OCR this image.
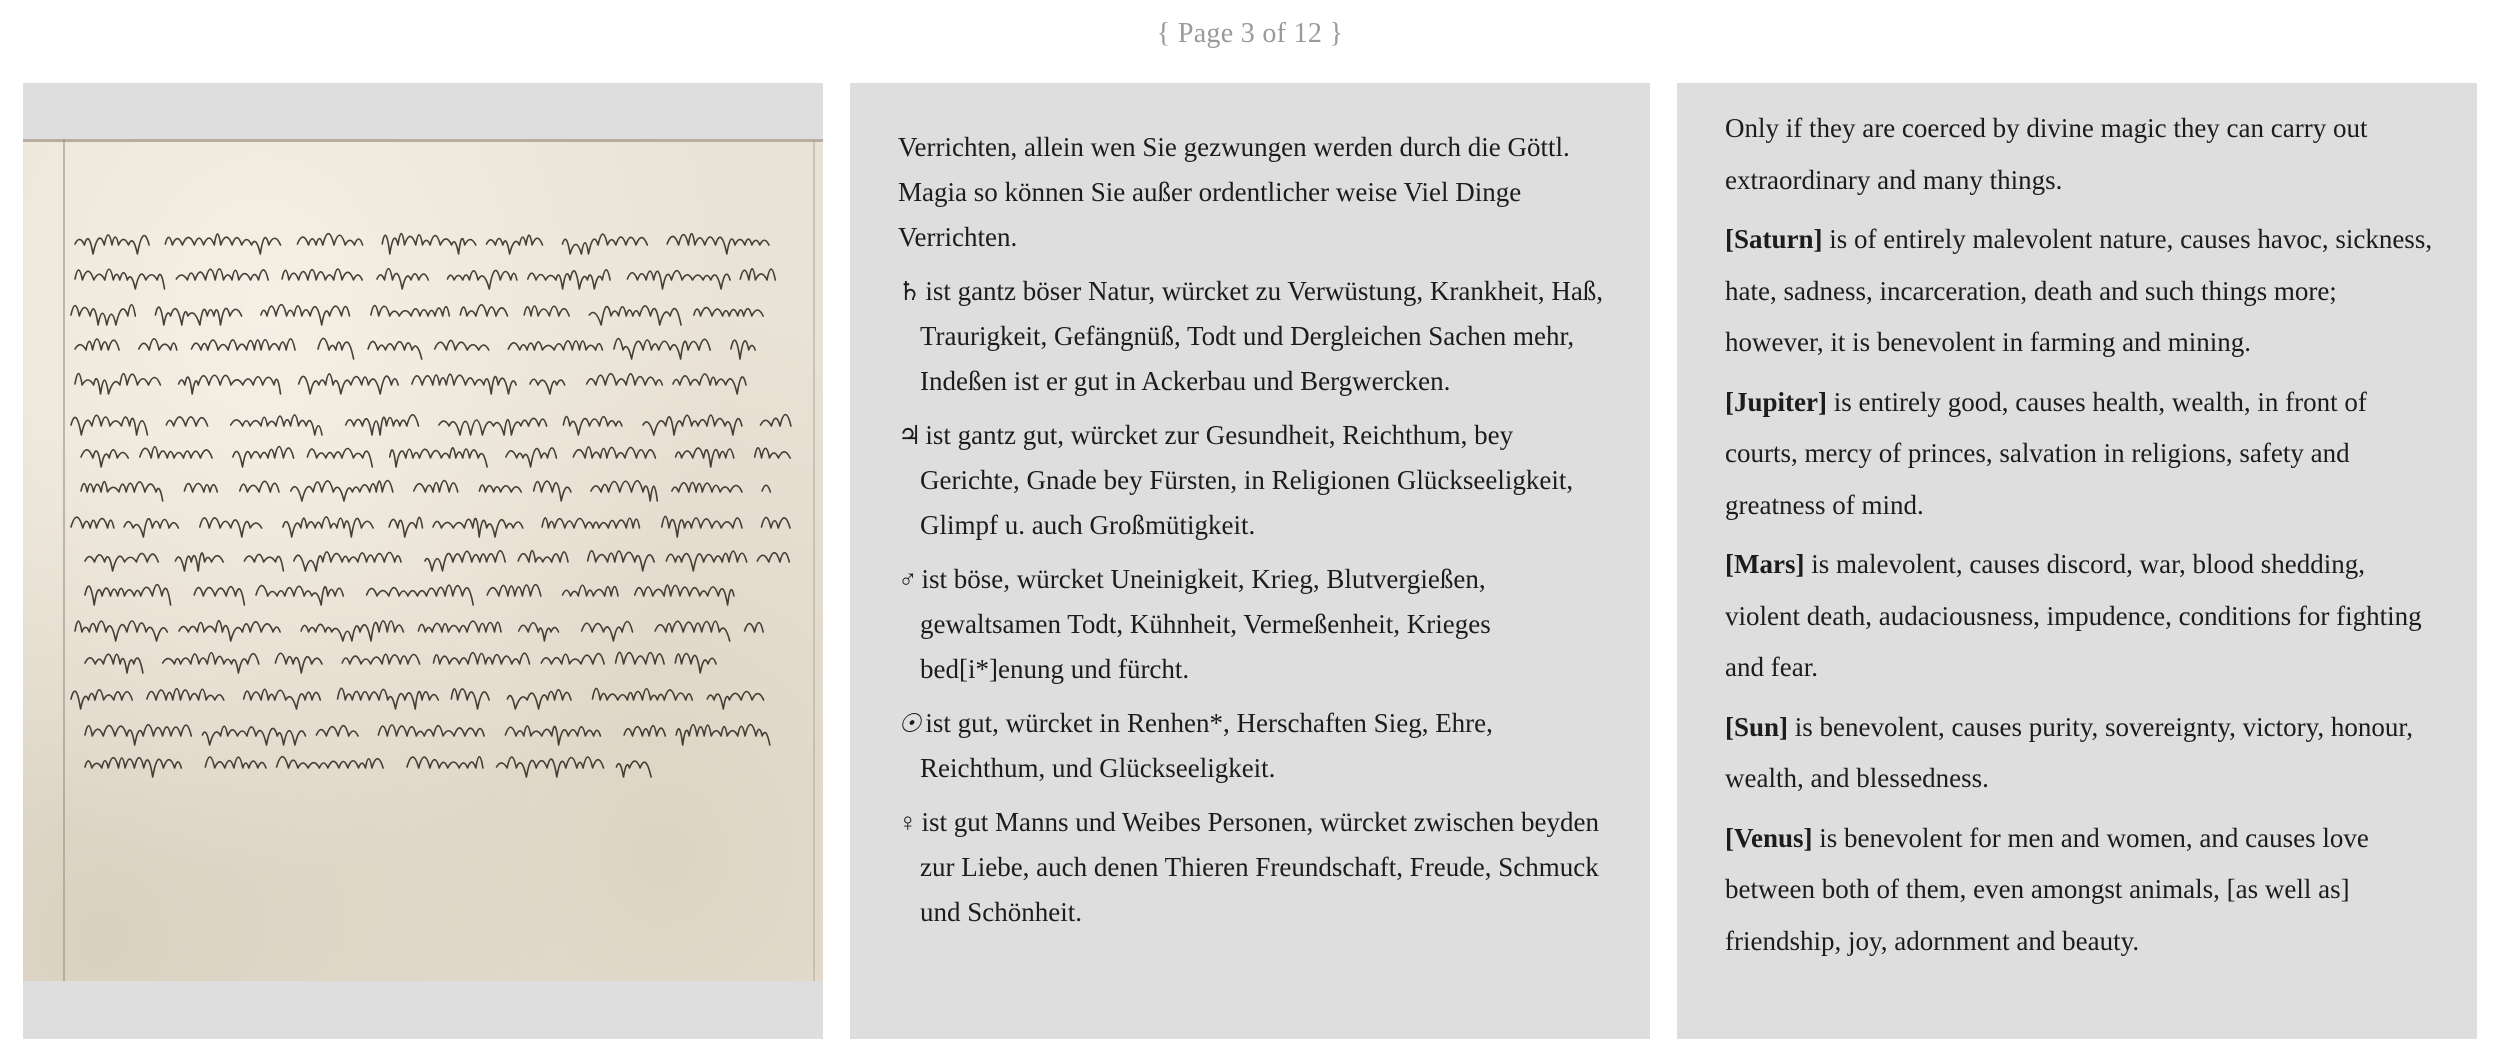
{ Page 3 of 12 }

Verrichten, allein wen Sie gezwungen werden durch die Göttl. Magia so können Sie außer ordentlicher weise Viel Dinge Verrichten.

♄ ist gantz böser Natur, würcket zu Verwüstung, Krankheit, Haß, Traurigkeit, Gefängnüß, Todt und Dergleichen Sachen mehr, Indeßen ist er gut in Ackerbau und Bergwercken.

♃ ist gantz gut, würcket zur Gesundheit, Reichthum, bey Gerichte, Gnade bey Fürsten, in Religionen Glückseeligkeit, Glimpf u. auch Großmütigkeit.

♂ ist böse, würcket Uneinigkeit, Krieg, Blutvergießen, gewaltsamen Todt, Kühnheit, Vermeßenheit, Krieges bed[i*]enung und fürcht.

☉ ist gut, würcket in Renhen*, Herschaften Sieg, Ehre, Reichthum, und Glückseeligkeit.

♀ ist gut Manns und Weibes Personen, würcket zwischen beyden zur Liebe, auch denen Thieren Freundschaft, Freude, Schmuck und Schönheit.

Only if they are coerced by divine magic they can carry out extraordinary and many things.

[Saturn] is of entirely malevolent nature, causes havoc, sickness, hate, sadness, incarceration, death and such things more; however, it is benevolent in farming and mining.

[Jupiter] is entirely good, causes health, wealth, in front of courts, mercy of princes, salvation in religions, safety and greatness of mind.

[Mars] is malevolent, causes discord, war, blood shedding, violent death, audaciousness, impudence, conditions for fighting and fear.

[Sun] is benevolent, causes purity, sovereignty, victory, honour, wealth, and blessedness.

[Venus] is benevolent for men and women, and causes love between both of them, even amongst animals, [as well as] friendship, joy, adornment and beauty.
